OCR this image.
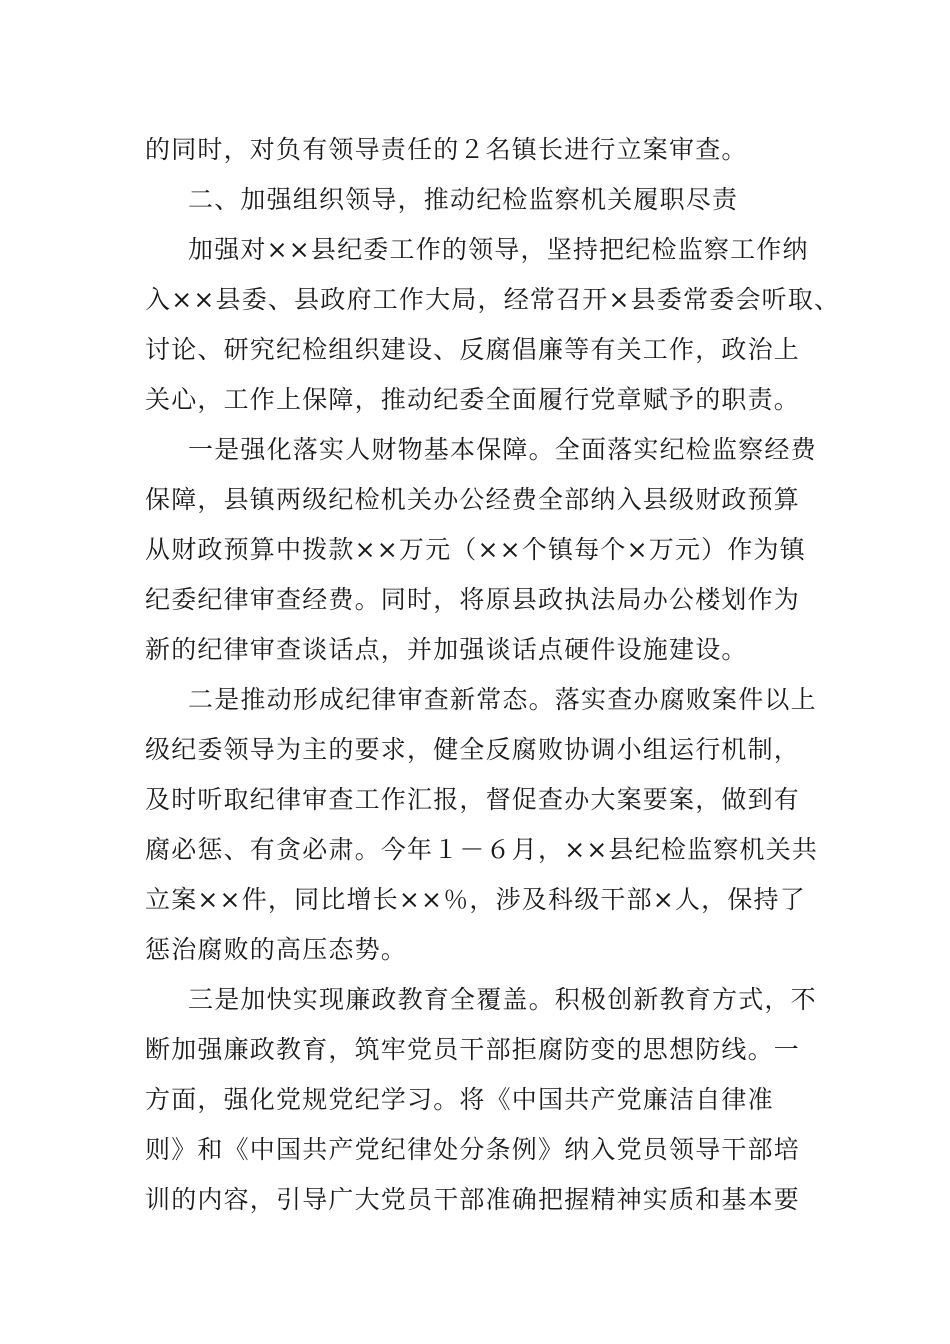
的同时，对负有领导责任的２名镇长进行立案审查。
二、加强组织领导，推动纪检监察机关履职尽责
加强对××县纪委工作的领导，坚持把纪检监察工作纳
入××县委、县政府工作大局，经常召开×县委常委会听取、
讨论、研究纪检组织建设、反腐倡廉等有关工作，政治上
关心，工作上保障，推动纪委全面履行党章赋予的职责。
一是强化落实人财物基本保障。全面落实纪检监察经费
保障，县镇两级纪检机关办公经费全部纳入县级财政预算
从财政预算中拨款××万元（××个镇每个×万元）作为镇
纪委纪律审查经费。同时，将原县政执法局办公楼划作为
新的纪律审查谈话点，并加强谈话点硬件设施建设。
二是推动形成纪律审查新常态。落实查办腐败案件以上
级纪委领导为主的要求，健全反腐败协调小组运行机制，
及时听取纪律审查工作汇报，督促查办大案要案，做到有
腐必惩、有贪必肃。今年１－６月，××县纪检监察机关共
立案××件，同比增长××％，涉及科级干部×人，保持了
惩治腐败的高压态势。
三是加快实现廉政教育全覆盖。积极创新教育方式，不
断加强廉政教育，筑牢党员干部拒腐防变的思想防线。一
方面，强化党规党纪学习。将《中国共产党廉洁自律准
则》和《中国共产党纪律处分条例》纳入党员领导干部培
训的内容，引导广大党员干部准确把握精神实质和基本要
